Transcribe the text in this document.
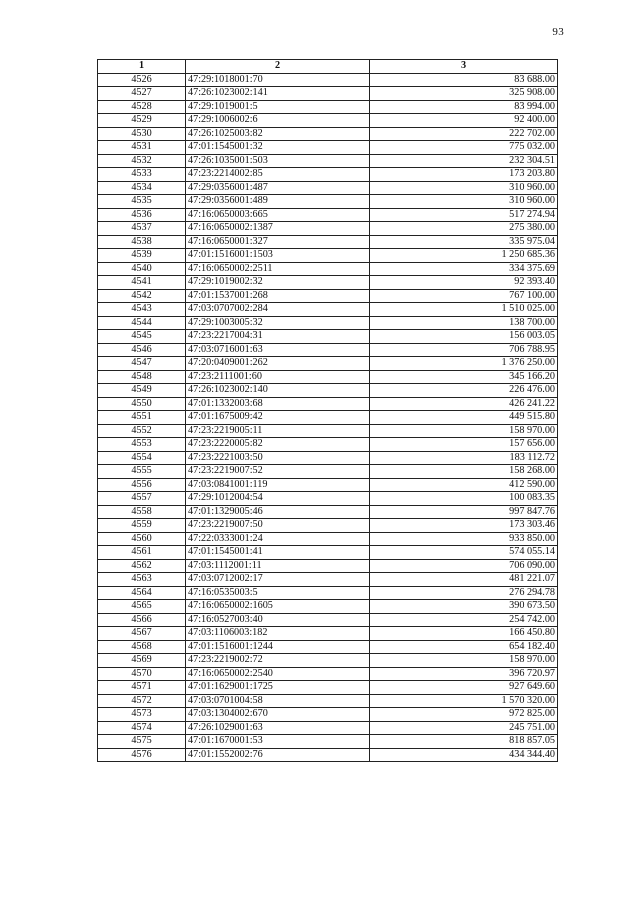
93
1	2	3
4526	47:29:1018001:70	83 688.00
4527	47:26:1023002:141	325 908.00
4528	47:29:1019001:5	83 994.00
4529	47:29:1006002:6	92 400.00
4530	47:26:1025003:82	222 702.00
4531	47:01:1545001:32	775 032.00
4532	47:26:1035001:503	232 304.51
4533	47:23:2214002:85	173 203.80
4534	47:29:0356001:487	310 960.00
4535	47:29:0356001:489	310 960.00
4536	47:16:0650003:665	517 274.94
4537	47:16:0650002:1387	275 380.00
4538	47:16:0650001:327	335 975.04
4539	47:01:1516001:1503	1 250 685.36
4540	47:16:0650002:2511	334 375.69
4541	47:29:1019002:32	92 393.40
4542	47:01:1537001:268	767 100.00
4543	47:03:0707002:284	1 510 025.00
4544	47:29:1003005:32	138 700.00
4545	47:23:2217004:31	156 003.05
4546	47:03:0716001:63	706 788.95
4547	47:20:0409001:262	1 376 250.00
4548	47:23:2111001:60	345 166.20
4549	47:26:1023002:140	226 476.00
4550	47:01:1332003:68	426 241.22
4551	47:01:1675009:42	449 515.80
4552	47:23:2219005:11	158 970.00
4553	47:23:2220005:82	157 656.00
4554	47:23:2221003:50	183 112.72
4555	47:23:2219007:52	158 268.00
4556	47:03:0841001:119	412 590.00
4557	47:29:1012004:54	100 083.35
4558	47:01:1329005:46	997 847.76
4559	47:23:2219007:50	173 303.46
4560	47:22:0333001:24	933 850.00
4561	47:01:1545001:41	574 055.14
4562	47:03:1112001:11	706 090.00
4563	47:03:0712002:17	481 221.07
4564	47:16:0535003:5	276 294.78
4565	47:16:0650002:1605	390 673.50
4566	47:16:0527003:40	254 742.00
4567	47:03:1106003:182	166 450.80
4568	47:01:1516001:1244	654 182.40
4569	47:23:2219002:72	158 970.00
4570	47:16:0650002:2540	396 720.97
4571	47:01:1629001:1725	927 649.60
4572	47:03:0701004:58	1 570 320.00
4573	47:03:1304002:670	972 825.00
4574	47:26:1029001:63	245 751.00
4575	47:01:1670001:53	818 857.05
4576	47:01:1552002:76	434 344.40
